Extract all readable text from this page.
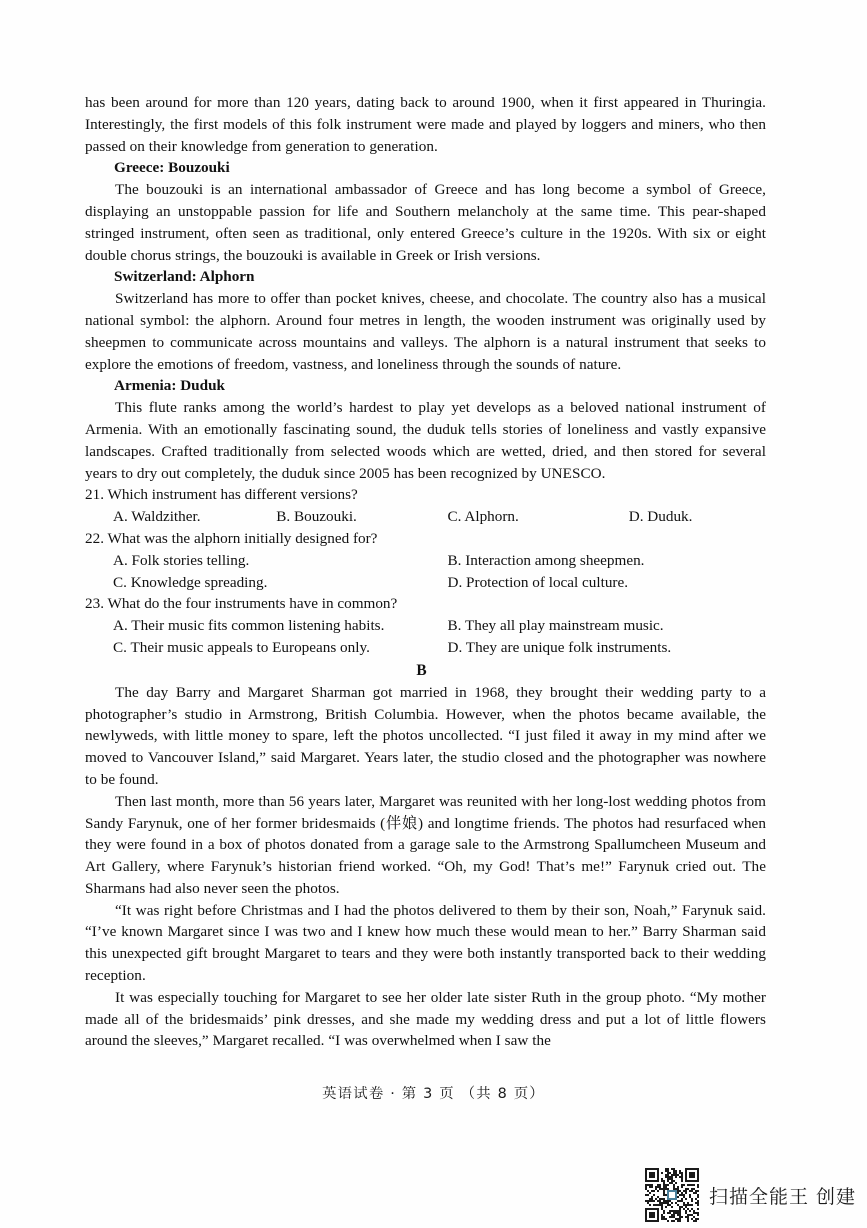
has been around for more than 120 years, dating back to around 1900, when it first appeared in Thuringia. Interestingly, the first models of this folk instrument were made and played by loggers and miners, who then passed on their knowledge from generation to generation.

Greece: Bouzouki

The bouzouki is an international ambassador of Greece and has long become a symbol of Greece, displaying an unstoppable passion for life and Southern melancholy at the same time. This pear-shaped stringed instrument, often seen as traditional, only entered Greece’s culture in the 1920s. With six or eight double chorus strings, the bouzouki is available in Greek or Irish versions.

Switzerland: Alphorn

Switzerland has more to offer than pocket knives, cheese, and chocolate. The country also has a musical national symbol: the alphorn. Around four metres in length, the wooden instrument was originally used by sheepmen to communicate across mountains and valleys. The alphorn is a natural instrument that seeks to explore the emotions of freedom, vastness, and loneliness through the sounds of nature.

Armenia: Duduk

This flute ranks among the world’s hardest to play yet develops as a beloved national instrument of Armenia. With an emotionally fascinating sound, the duduk tells stories of loneliness and vastly expansive landscapes. Crafted traditionally from selected woods which are wetted, dried, and then stored for several years to dry out completely, the duduk since 2005 has been recognized by UNESCO.

21. Which instrument has different versions?

A. Waldzither.	B. Bouzouki.	C. Alphorn.	D. Duduk.

22. What was the alphorn initially designed for?

A. Folk stories telling.	B. Interaction among sheepmen.
C. Knowledge spreading.	D. Protection of local culture.

23. What do the four instruments have in common?

A. Their music fits common listening habits.	B. They all play mainstream music.
C. Their music appeals to Europeans only.	D. They are unique folk instruments.

B

The day Barry and Margaret Sharman got married in 1968, they brought their wedding party to a photographer’s studio in Armstrong, British Columbia. However, when the photos became available, the newlyweds, with little money to spare, left the photos uncollected. “I just filed it away in my mind after we moved to Vancouver Island,” said Margaret. Years later, the studio closed and the photographer was nowhere to be found.

Then last month, more than 56 years later, Margaret was reunited with her long-lost wedding photos from Sandy Farynuk, one of her former bridesmaids (伴娘) and longtime friends. The photos had resurfaced when they were found in a box of photos donated from a garage sale to the Armstrong Spallumcheen Museum and Art Gallery, where Farynuk’s historian friend worked. “Oh, my God! That’s me!” Farynuk cried out. The Sharmans had also never seen the photos.

“It was right before Christmas and I had the photos delivered to them by their son, Noah,” Farynuk said. “I’ve known Margaret since I was two and I knew how much these would mean to her.” Barry Sharman said this unexpected gift brought Margaret to tears and they were both instantly transported back to their wedding reception.

It was especially touching for Margaret to see her older late sister Ruth in the group photo. “My mother made all of the bridesmaids’ pink dresses, and she made my wedding dress and put a lot of little flowers around the sleeves,” Margaret recalled. “I was overwhelmed when I saw the

英语试卷 · 第 3 页 （共 8 页）
扫描全能王 创建
